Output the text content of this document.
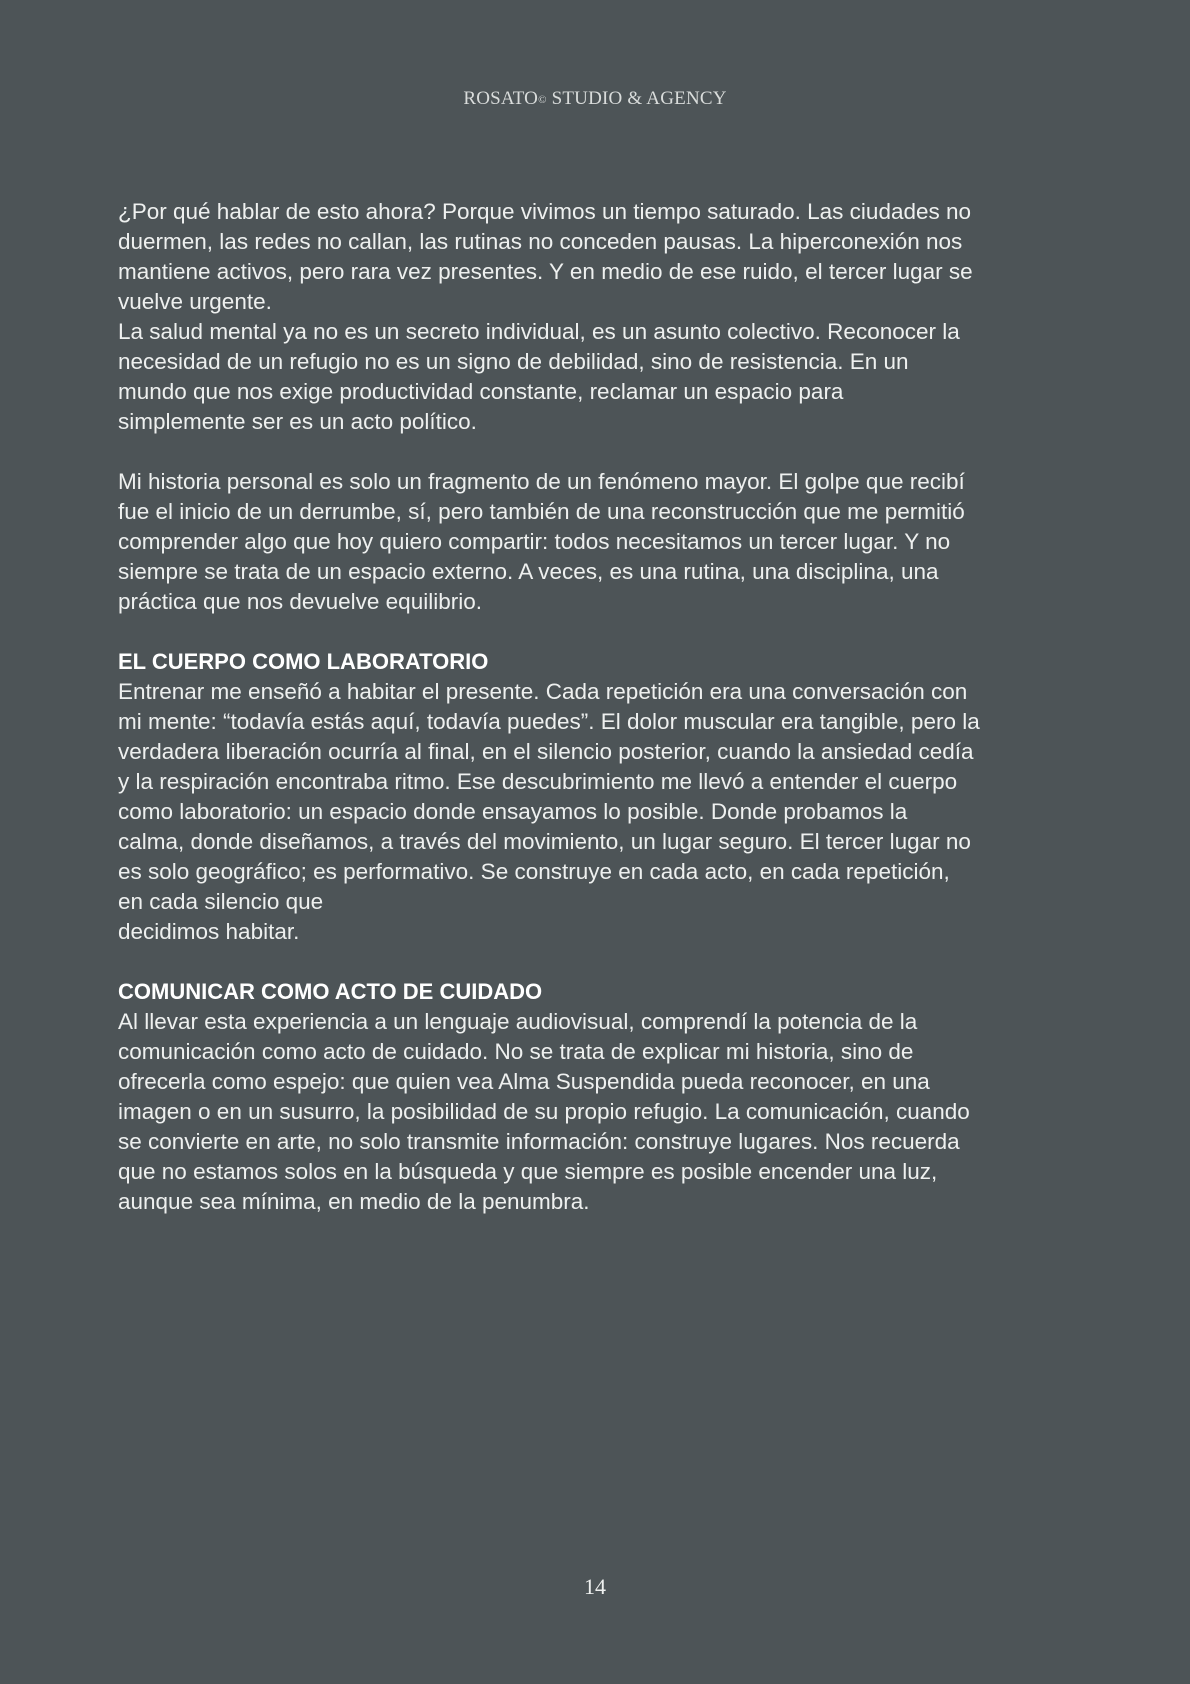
ROSATO© STUDIO & AGENCY

¿Por qué hablar de esto ahora? Porque vivimos un tiempo saturado. Las ciudades no
duermen, las redes no callan, las rutinas no conceden pausas. La hiperconexión nos
mantiene activos, pero rara vez presentes. Y en medio de ese ruido, el tercer lugar se
vuelve urgente.

La salud mental ya no es un secreto individual, es un asunto colectivo. Reconocer la
necesidad de un refugio no es un signo de debilidad, sino de resistencia. En un
mundo que nos exige productividad constante, reclamar un espacio para
simplemente ser es un acto político.

Mi historia personal es solo un fragmento de un fenómeno mayor. El golpe que recibí
fue el inicio de un derrumbe, sí, pero también de una reconstrucción que me permitió
comprender algo que hoy quiero compartir: todos necesitamos un tercer lugar. Y no
siempre se trata de un espacio externo. A veces, es una rutina, una disciplina, una
práctica que nos devuelve equilibrio.

EL CUERPO COMO LABORATORIO

Entrenar me enseñó a habitar el presente. Cada repetición era una conversación con
mi mente: “todavía estás aquí, todavía puedes”. El dolor muscular era tangible, pero la
verdadera liberación ocurría al final, en el silencio posterior, cuando la ansiedad cedía
y la respiración encontraba ritmo. Ese descubrimiento me llevó a entender el cuerpo
como laboratorio: un espacio donde ensayamos lo posible. Donde probamos la
calma, donde diseñamos, a través del movimiento, un lugar seguro. El tercer lugar no
es solo geográfico; es performativo. Se construye en cada acto, en cada repetición,
en cada silencio que
decidimos habitar.

COMUNICAR COMO ACTO DE CUIDADO

Al llevar esta experiencia a un lenguaje audiovisual, comprendí la potencia de la
comunicación como acto de cuidado. No se trata de explicar mi historia, sino de
ofrecerla como espejo: que quien vea Alma Suspendida pueda reconocer, en una
imagen o en un susurro, la posibilidad de su propio refugio. La comunicación, cuando
se convierte en arte, no solo transmite información: construye lugares. Nos recuerda
que no estamos solos en la búsqueda y que siempre es posible encender una luz,
aunque sea mínima, en medio de la penumbra.

14
